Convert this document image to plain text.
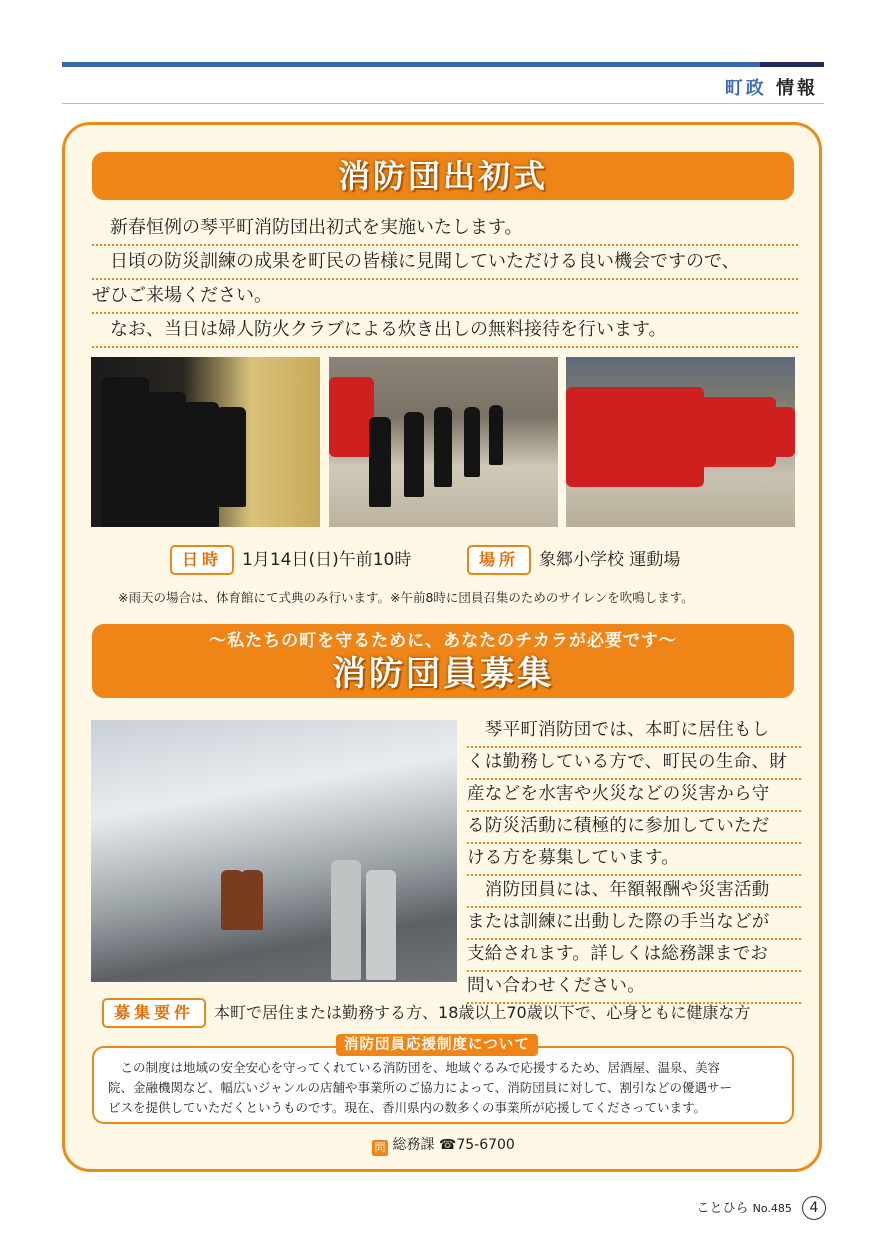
町政 情報
消防団出初式
　新春恒例の琴平町消防団出初式を実施いたします。
　日頃の防災訓練の成果を町民の皆様に見聞していただける良い機会ですので、
ぜひご来場ください。
　なお、当日は婦人防火クラブによる炊き出しの無料接待を行います。
日時 1月14日(日)午前10時	場所 象郷小学校 運動場
※雨天の場合は、体育館にて式典のみ行います。※午前8時に団員召集のためのサイレンを吹鳴します。
～私たちの町を守るために、あなたのチカラが必要です～
消防団員募集
　琴平町消防団では、本町に居住もし
くは勤務している方で、町民の生命、財
産などを水害や火災などの災害から守
る防災活動に積極的に参加していただ
ける方を募集しています。
　消防団員には、年額報酬や災害活動
または訓練に出動した際の手当などが
支給されます。詳しくは総務課までお
問い合わせください。
募集要件 本町で居住または勤務する方、18歳以上70歳以下で、心身ともに健康な方
消防団員応援制度について

　この制度は地域の安全安心を守ってくれている消防団を、地域ぐるみで応援するため、居酒屋、温泉、美容

院、金融機関など、幅広いジャンルの店舗や事業所のご協力によって、消防団員に対して、割引などの優遇サー

ビスを提供していただくというものです。現在、香川県内の数多くの事業所が応援してくださっています。

問 総務課 ☎75-6700
ことひら No.485 4
